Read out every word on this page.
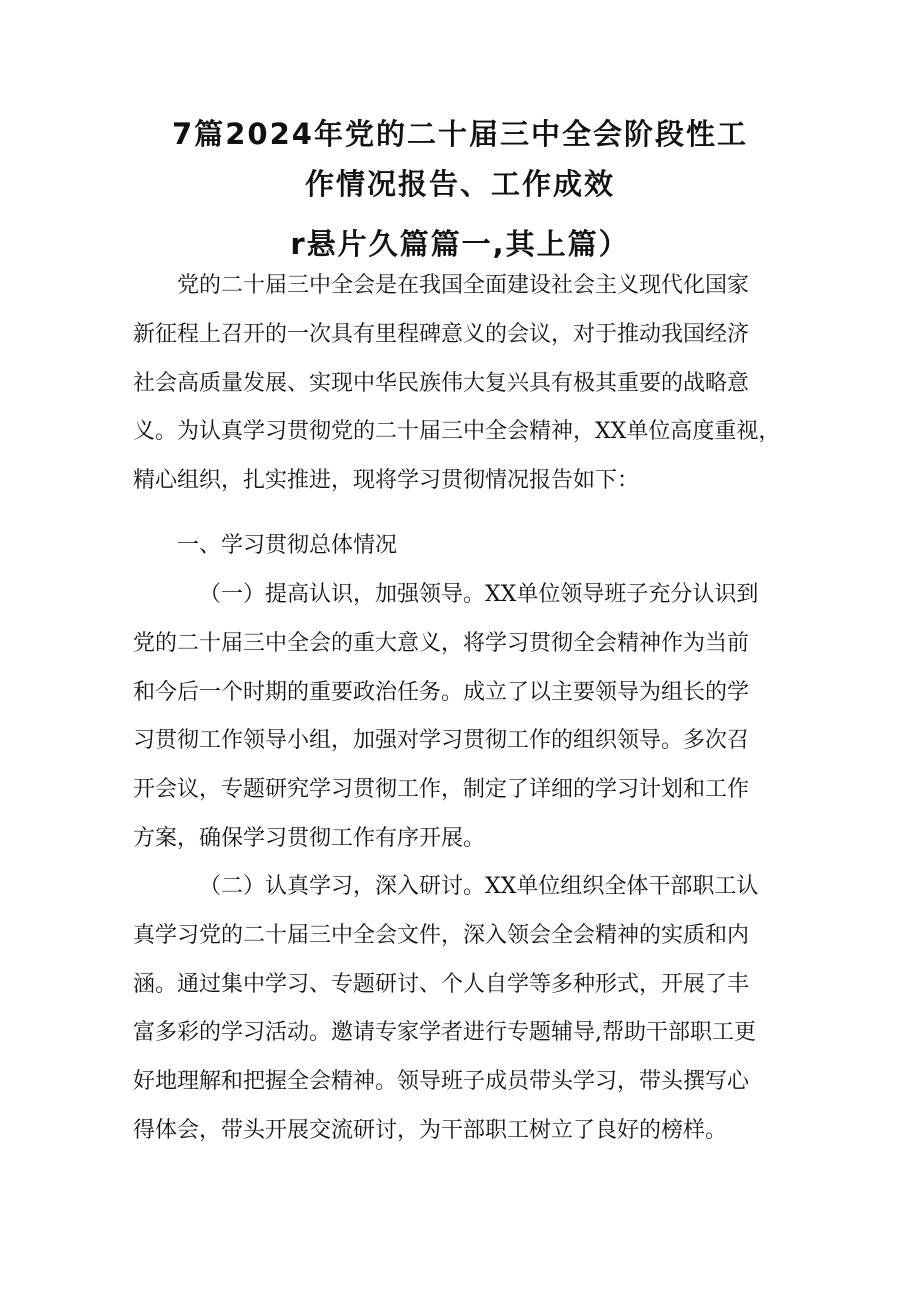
7篇2024年党的二十届三中全会阶段性工
作情况报告、工作成效
r悬片久篇篇一,其上篇）
党的二十届三中全会是在我国全面建设社会主义现代化国家
新征程上召开的一次具有里程碑意义的会议，对于推动我国经济
社会高质量发展、实现中华民族伟大复兴具有极其重要的战略意
义。为认真学习贯彻党的二十届三中全会精神，XX单位高度重视，
精心组织，扎实推进，现将学习贯彻情况报告如下：
一、学习贯彻总体情况
（一）提高认识，加强领导。XX单位领导班子充分认识到
党的二十届三中全会的重大意义，将学习贯彻全会精神作为当前
和今后一个时期的重要政治任务。成立了以主要领导为组长的学
习贯彻工作领导小组，加强对学习贯彻工作的组织领导。多次召
开会议，专题研究学习贯彻工作，制定了详细的学习计划和工作
方案，确保学习贯彻工作有序开展。
（二）认真学习，深入研讨。XX单位组织全体干部职工认
真学习党的二十届三中全会文件，深入领会全会精神的实质和内
涵。通过集中学习、专题研讨、个人自学等多种形式，开展了丰
富多彩的学习活动。邀请专家学者进行专题辅导,帮助干部职工更
好地理解和把握全会精神。领导班子成员带头学习，带头撰写心
得体会，带头开展交流研讨，为干部职工树立了良好的榜样。
